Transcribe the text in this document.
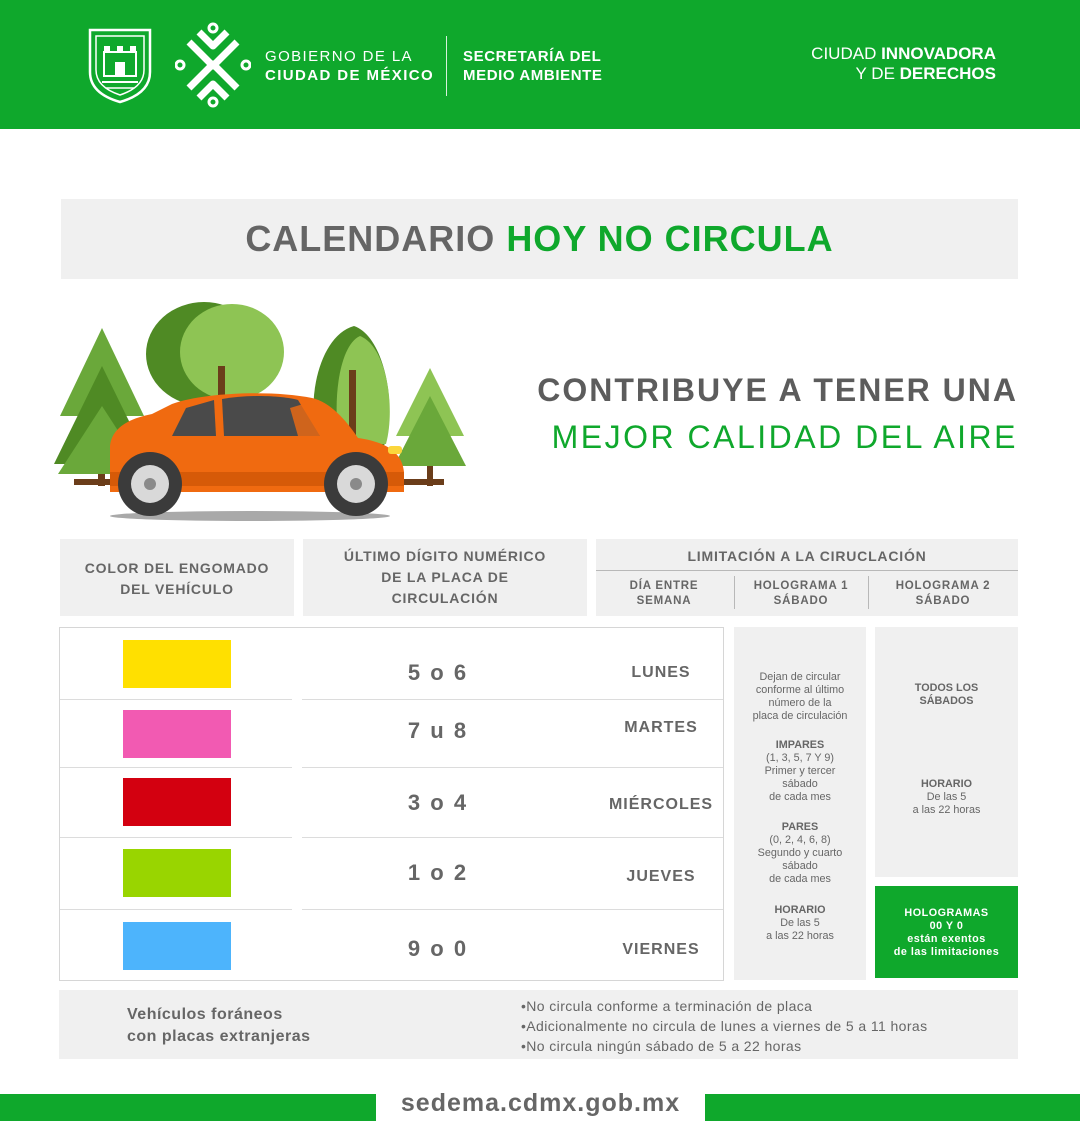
GOBIERNO DE LA
CIUDAD DE MÉXICO
SECRETARÍA DEL
MEDIO AMBIENTE
CIUDAD INNOVADORA
Y DE DERECHOS
CALENDARIO HOY NO CIRCULA
CONTRIBUYE A TENER UNA
MEJOR CALIDAD DEL AIRE
COLOR DEL ENGOMADO
DEL VEHÍCULO
ÚLTIMO DÍGITO NUMÉRICO
DE LA PLACA DE
CIRCULACIÓN
LIMITACIÓN A LA CIRUCLACIÓN
DÍA ENTRE
SEMANA
HOLOGRAMA 1
SÁBADO
HOLOGRAMA 2
SÁBADO
5 o 6	LUNES
7 u 8	MARTES
3 o 4	MIÉRCOLES
1 o 2	JUEVES
9 o 0	VIERNES
Dejan de circular
conforme al último
número de la
placa de circulación
IMPARES
(1, 3, 5, 7 Y 9)
Primer y tercer
sábado
de cada mes
PARES
(0, 2, 4, 6, 8)
Segundo y cuarto
sábado
de cada mes
HORARIO
De las 5
a las 22 horas
TODOS LOS
SÁBADOS
HORARIO
De las 5
a las 22 horas
HOLOGRAMAS
00 Y 0
están exentos
de las limitaciones
Vehículos foráneos
con placas extranjeras
•No circula conforme a terminación de placa
•Adicionalmente no circula de lunes a viernes de 5 a 11 horas
•No circula ningún sábado de 5 a 22 horas
sedema.cdmx.gob.mx
